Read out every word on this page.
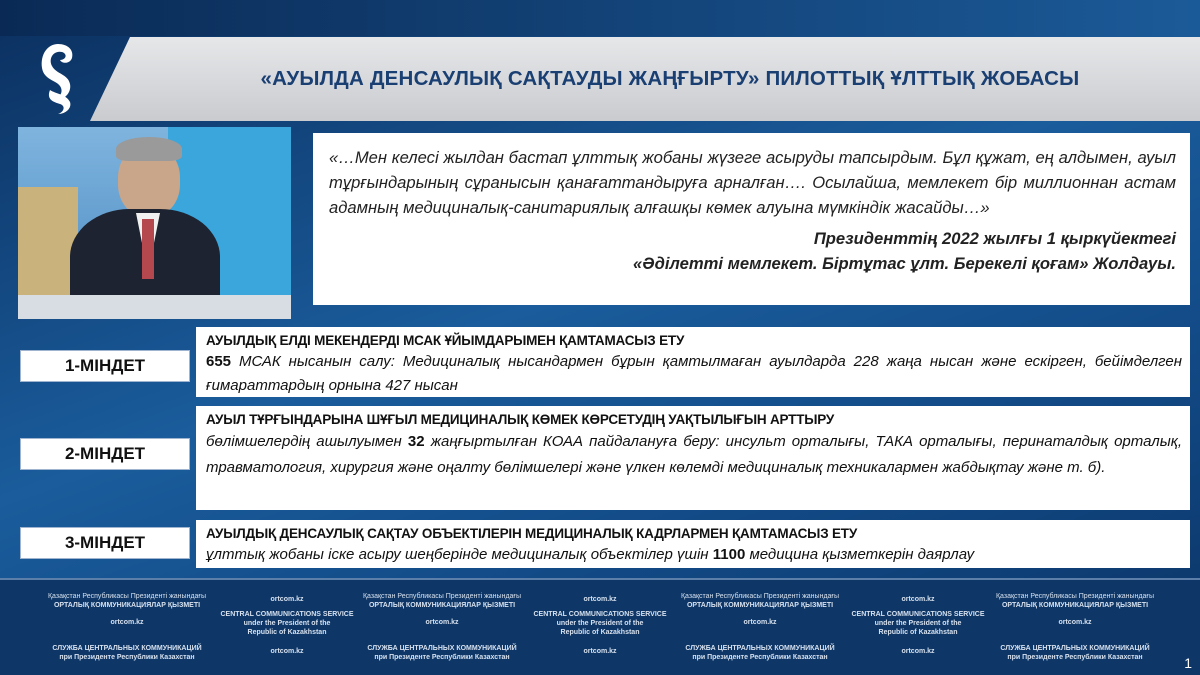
«АУЫЛДА ДЕНСАУЛЫҚ САҚТАУДЫ ЖАҢҒЫРТУ» ПИЛОТТЫҚ ҰЛТТЫҚ ЖОБАСЫ
«…Мен келесі жылдан бастап ұлттық жобаны жүзеге асыруды тапсырдым. Бұл құжат, ең алдымен, ауыл тұрғындарының сұранысын қанағаттандыруға арналған…. Осылайша, мемлекет бір миллионнан астам адамның медициналық-санитариялық алғашқы көмек алуына мүмкіндік жасайды…»
Президенттің 2022 жылғы 1 қыркүйектегі
«Әділетті мемлекет. Біртұтас ұлт. Берекелі қоғам» Жолдауы.
1-МІНДЕТ
АУЫЛДЫҚ ЕЛДІ МЕКЕНДЕРДІ МСАК ҰЙЫМДАРЫМЕН ҚАМТАМАСЫЗ ЕТУ

655 МСАК нысанын салу: Медициналық нысандармен бұрын қамтылмаған ауылдарда 228 жаңа нысан және ескірген, бейімделген ғимараттардың орнына 427 нысан

2-МІНДЕТ
АУЫЛ ТҰРҒЫНДАРЫНА ШҰҒЫЛ МЕДИЦИНАЛЫҚ КӨМЕК КӨРСЕТУДІҢ УАҚТЫЛЫҒЫН АРТТЫРУ

бөлімшелердің ашылуымен 32 жаңғыртылған КОАА пайдалануға беру: инсульт орталығы, ТАКА орталығы, перинаталдық орталық, травматология, хирургия және оңалту бөлімшелері және үлкен көлемді медициналық техникалармен жабдықтау және т. б).

3-МІНДЕТ	АУЫЛДЫҚ ДЕНСАУЛЫҚ САҚТАУ ОБЪЕКТІЛЕРІН МЕДИЦИНАЛЫҚ КАДРЛАРМЕН ҚАМТАМАСЫЗ ЕТУ

ұлттық жобаны іске асыру шеңберінде медициналық объектілер үшін 1100 медицина қызметкерін даярлау

Қазақстан Республикасы Президенті жанындағы
ОРТАЛЫҚ КОММУНИКАЦИЯЛАР ҚЫЗМЕТІ
ortcom.kz	Қазақстан Республикасы Президенті жанындағы
ОРТАЛЫҚ КОММУНИКАЦИЯЛАР ҚЫЗМЕТІ
ortcom.kz	Қазақстан Республикасы Президенті жанындағы
ОРТАЛЫҚ КОММУНИКАЦИЯЛАР ҚЫЗМЕТІ
ortcom.kz	Қазақстан Республикасы Президенті жанындағы
ОРТАЛЫҚ КОММУНИКАЦИЯЛАР ҚЫЗМЕТІ
ortcom.kz
CENTRAL COMMUNICATIONS SERVICE
under the President of the
Republic of Kazakhstan
ortcom.kz
CENTRAL COMMUNICATIONS SERVICE
under the President of the
Republic of Kazakhstan
ortcom.kz
CENTRAL COMMUNICATIONS SERVICE
under the President of the
Republic of Kazakhstan
ortcom.kz
СЛУЖБА ЦЕНТРАЛЬНЫХ КОММУНИКАЦИЙ
при Президенте Республики Казахстан
ortcom.kz	СЛУЖБА ЦЕНТРАЛЬНЫХ КОММУНИКАЦИЙ
при Президенте Республики Казахстан
ortcom.kz	СЛУЖБА ЦЕНТРАЛЬНЫХ КОММУНИКАЦИЙ
при Президенте Республики Казахстан
ortcom.kz	СЛУЖБА ЦЕНТРАЛЬНЫХ КОММУНИКАЦИЙ
при Президенте Республики Казахстан	1
